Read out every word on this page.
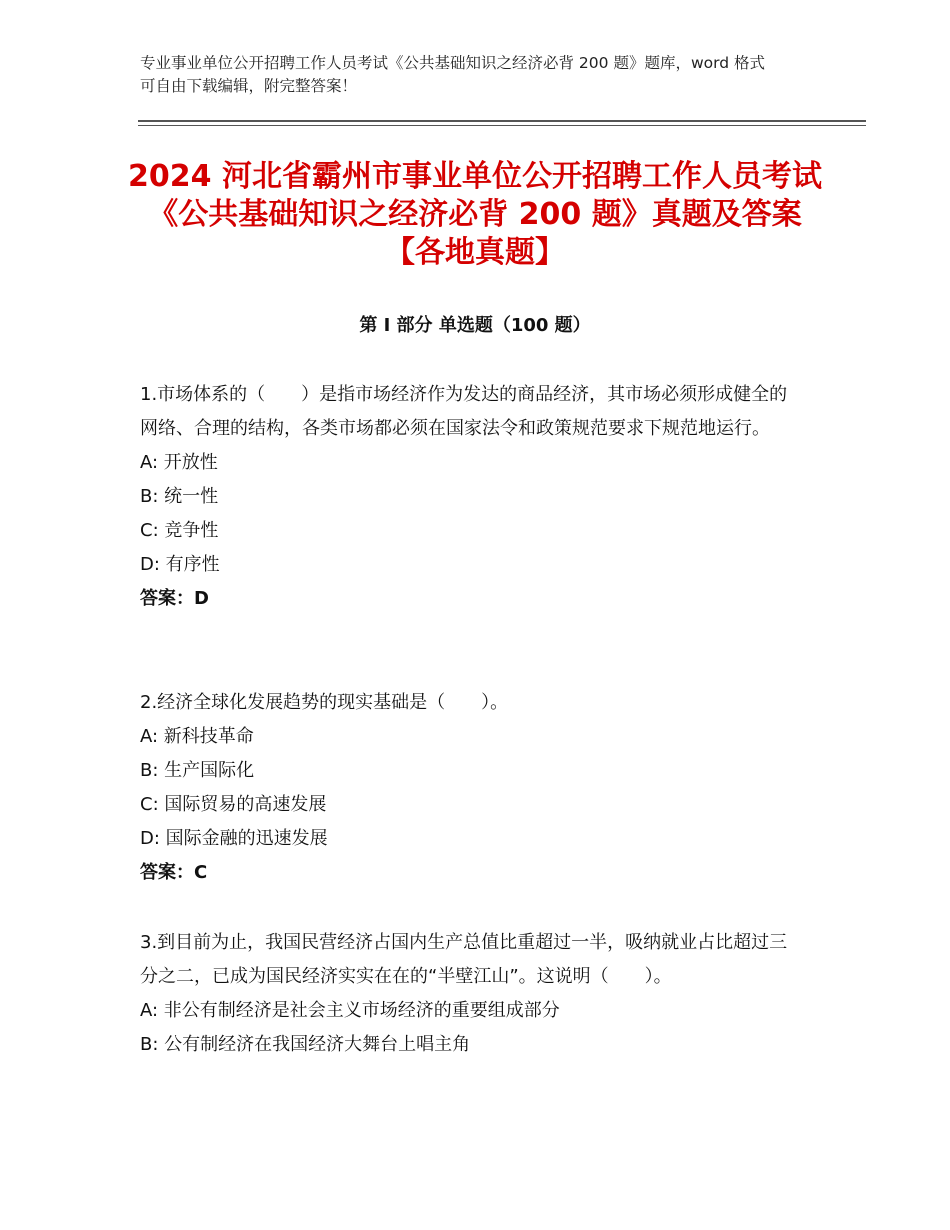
专业事业单位公开招聘工作人员考试《公共基础知识之经济必背 200 题》题库，word 格式可自由下载编辑，附完整答案！
2024 河北省霸州市事业单位公开招聘工作人员考试《公共基础知识之经济必背 200 题》真题及答案【各地真题】
第 I 部分 单选题（100 题）

1.市场体系的（　　）是指市场经济作为发达的商品经济，其市场必须形成健全的网络、合理的结构，各类市场都必须在国家法令和政策规范要求下规范地运行。

A: 开放性

B: 统一性

C: 竞争性

D: 有序性

答案：D

2.经济全球化发展趋势的现实基础是（　　）。

A: 新科技革命

B: 生产国际化

C: 国际贸易的高速发展

D: 国际金融的迅速发展

答案：C

3.到目前为止，我国民营经济占国内生产总值比重超过一半，吸纳就业占比超过三分之二，已成为国民经济实实在在的“半壁江山”。这说明（　　）。

A: 非公有制经济是社会主义市场经济的重要组成部分

B: 公有制经济在我国经济大舞台上唱主角
